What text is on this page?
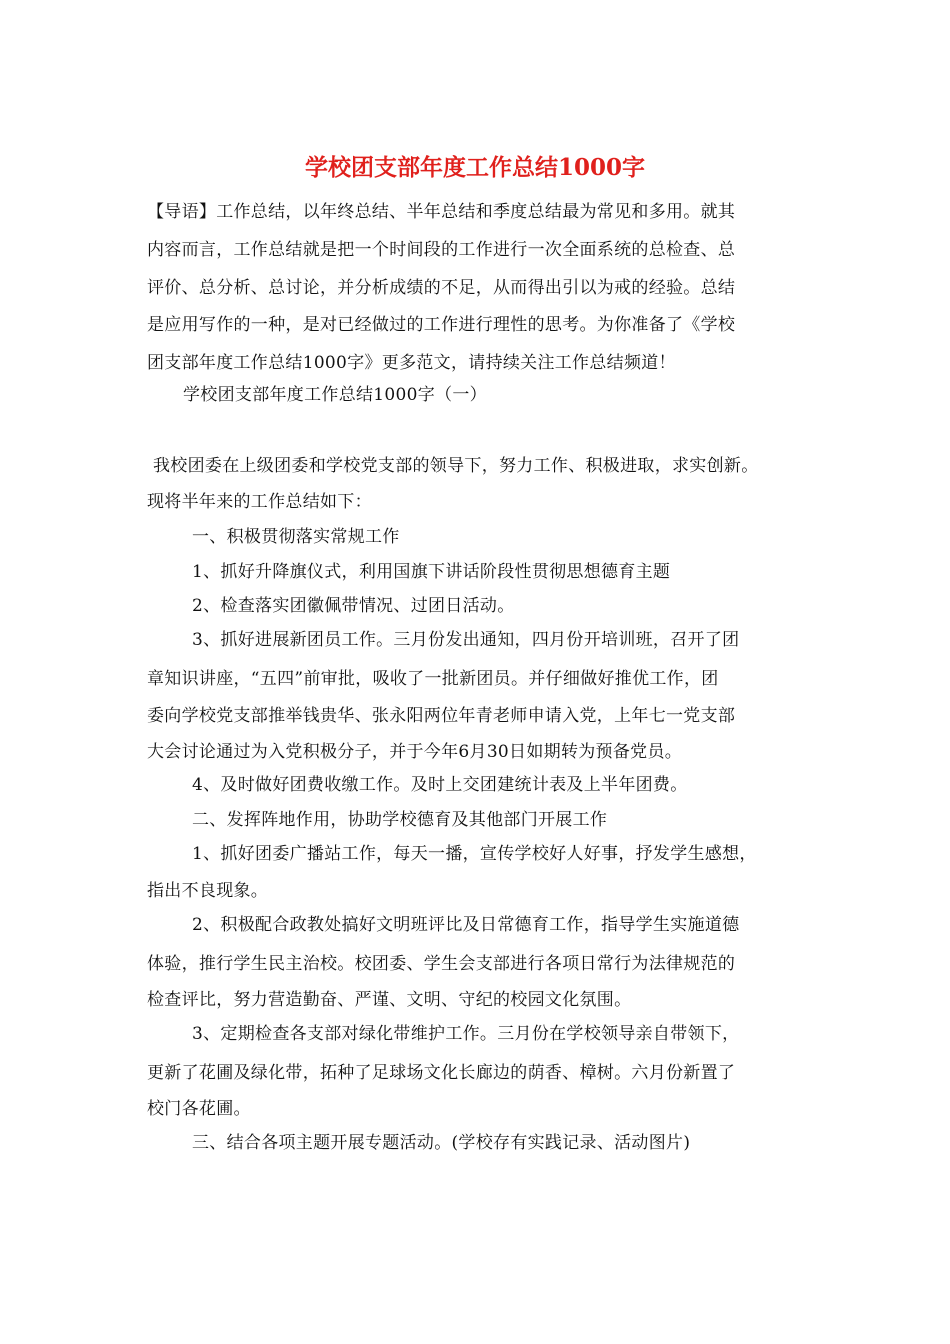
学校团支部年度工作总结1000字
【导语】工作总结，以年终总结、半年总结和季度总结最为常见和多用。就其
内容而言，工作总结就是把一个时间段的工作进行一次全面系统的总检查、总
评价、总分析、总讨论，并分析成绩的不足，从而得出引以为戒的经验。总结
是应用写作的一种，是对已经做过的工作进行理性的思考。为你准备了《学校
团支部年度工作总结1000字》更多范文，请持续关注工作总结频道！
学校团支部年度工作总结1000字（一）
我校团委在上级团委和学校党支部的领导下，努力工作、积极进取，求实创新。
现将半年来的工作总结如下：
一、积极贯彻落实常规工作
1、抓好升降旗仪式，利用国旗下讲话阶段性贯彻思想德育主题
2、检查落实团徽佩带情况、过团日活动。
3、抓好进展新团员工作。三月份发出通知，四月份开培训班，召开了团
章知识讲座，“五四”前审批，吸收了一批新团员。并仔细做好推优工作，团
委向学校党支部推举钱贵华、张永阳两位年青老师申请入党，上年七一党支部
大会讨论通过为入党积极分子，并于今年6月30日如期转为预备党员。
4、及时做好团费收缴工作。及时上交团建统计表及上半年团费。
二、发挥阵地作用，协助学校德育及其他部门开展工作
1、抓好团委广播站工作，每天一播，宣传学校好人好事，抒发学生感想，
指出不良现象。
2、积极配合政教处搞好文明班评比及日常德育工作，指导学生实施道德
体验，推行学生民主治校。校团委、学生会支部进行各项日常行为法律规范的
检查评比，努力营造勤奋、严谨、文明、守纪的校园文化氛围。
3、定期检查各支部对绿化带维护工作。三月份在学校领导亲自带领下，
更新了花圃及绿化带，拓种了足球场文化长廊边的荫香、樟树。六月份新置了
校门各花圃。
三、结合各项主题开展专题活动。(学校存有实践记录、活动图片)
